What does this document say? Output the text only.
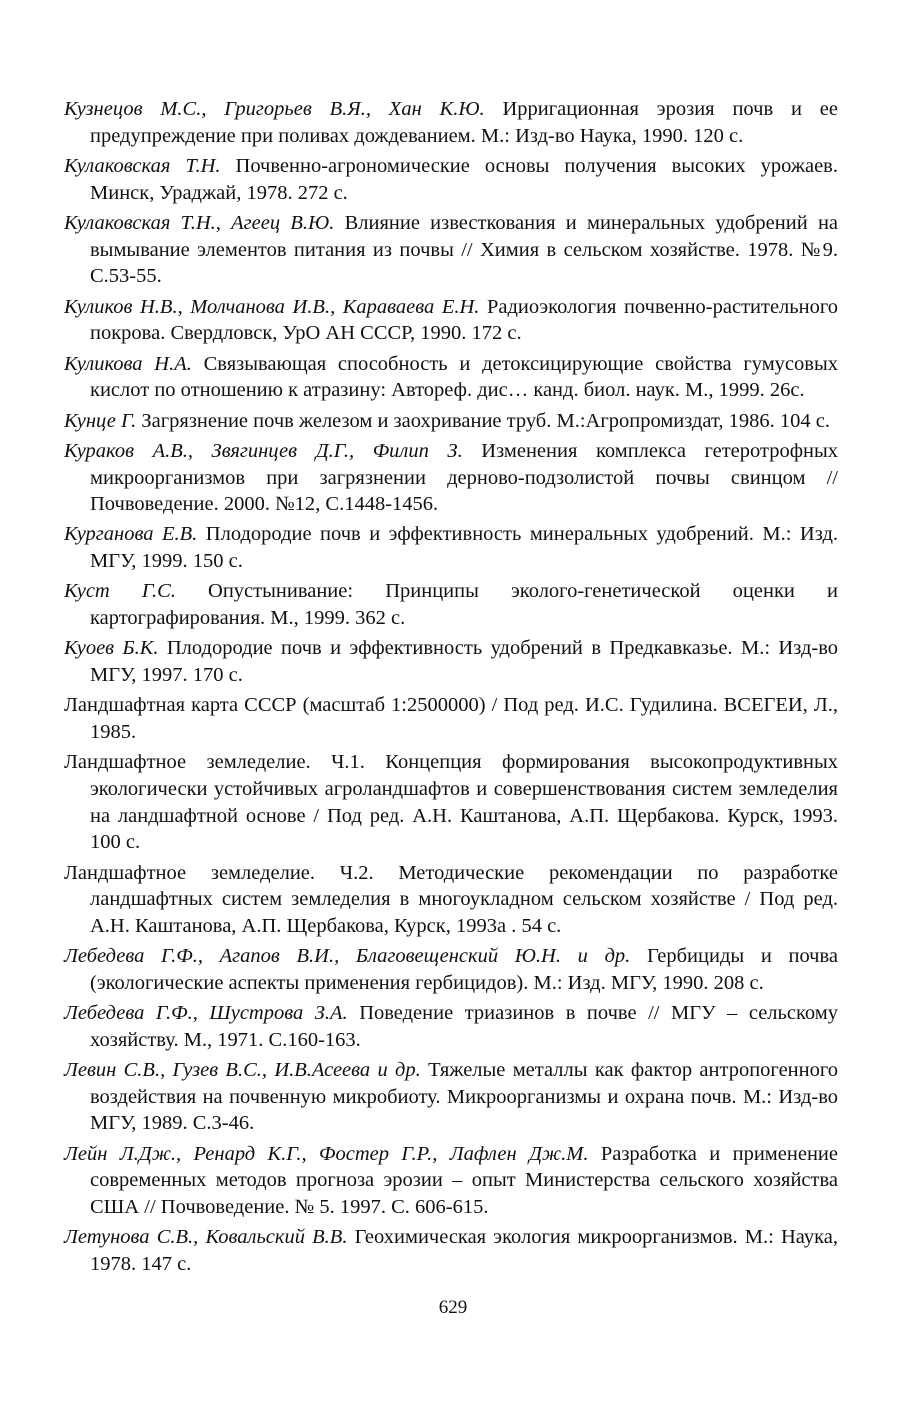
Кузнецов М.С., Григорьев В.Я., Хан К.Ю. Ирригационная эрозия почв и ее предупреждение при поливах дождеванием. М.: Изд-во Наука, 1990. 120 с.

Кулаковская Т.Н. Почвенно-агрономические основы получения высоких урожаев. Минск, Ураджай, 1978. 272 с.

Кулаковская Т.Н., Агеец В.Ю. Влияние известкования и минеральных удобрений на вымывание элементов питания из почвы // Химия в сельском хозяйстве. 1978. №9. С.53-55.

Куликов Н.В., Молчанова И.В., Караваева Е.Н. Радиоэкология почвенно-растительного покрова. Свердловск, УрО АН СССР, 1990. 172 с.

Куликова Н.А. Связывающая способность и детоксицирующие свойства гумусовых кислот по отношению к атразину: Автореф. дис… канд. биол. наук. М., 1999. 26с.

Кунце Г. Загрязнение почв железом и заохривание труб. М.:Агропромиздат, 1986. 104 с.

Кураков А.В., Звягинцев Д.Г., Филип З. Изменения комплекса гетеротрофных микроорганизмов при загрязнении дерново-подзолистой почвы свинцом // Почвоведение. 2000. №12, С.1448-1456.

Курганова Е.В. Плодородие почв и эффективность минеральных удобрений. М.: Изд. МГУ, 1999. 150 с.

Куст Г.С. Опустынивание: Принципы эколого-генетической оценки и картографирования. М., 1999. 362 с.

Куоев Б.К. Плодородие почв и эффективность удобрений в Предкавказье. М.: Изд-во МГУ, 1997. 170 с.

Ландшафтная карта СССР (масштаб 1:2500000) / Под ред. И.С. Гудилина. ВСЕГЕИ, Л., 1985.

Ландшафтное земледелие. Ч.1. Концепция формирования высокопродуктивных экологически устойчивых агроландшафтов и совершенствования систем земледелия на ландшафтной основе / Под ред. А.Н. Каштанова, А.П. Щербакова. Курск, 1993. 100 с.

Ландшафтное земледелие. Ч.2. Методические рекомендации по разработке ландшафтных систем земледелия в многоукладном сельском хозяйстве / Под ред. А.Н. Каштанова, А.П. Щербакова, Курск, 1993а . 54 с.

Лебедева Г.Ф., Агапов В.И., Благовещенский Ю.Н. и др. Гербициды и почва (экологические аспекты применения гербицидов). М.: Изд. МГУ, 1990. 208 с.

Лебедева Г.Ф., Шустрова З.А. Поведение триазинов в почве // МГУ – сельскому хозяйству. М., 1971. С.160-163.

Левин С.В., Гузев В.С., И.В.Асеева и др. Тяжелые металлы как фактор антропогенного воздействия на почвенную микробиоту. Микроорганизмы и охрана почв. М.: Изд-во МГУ, 1989. С.3-46.

Лейн Л.Дж., Ренард К.Г., Фостер Г.Р., Лафлен Дж.М. Разработка и применение современных методов прогноза эрозии – опыт Министерства сельского хозяйства США // Почвоведение. № 5. 1997. С. 606-615.

Летунова С.В., Ковальский В.В. Геохимическая экология микроорганизмов. М.: Наука, 1978. 147 с.

629
